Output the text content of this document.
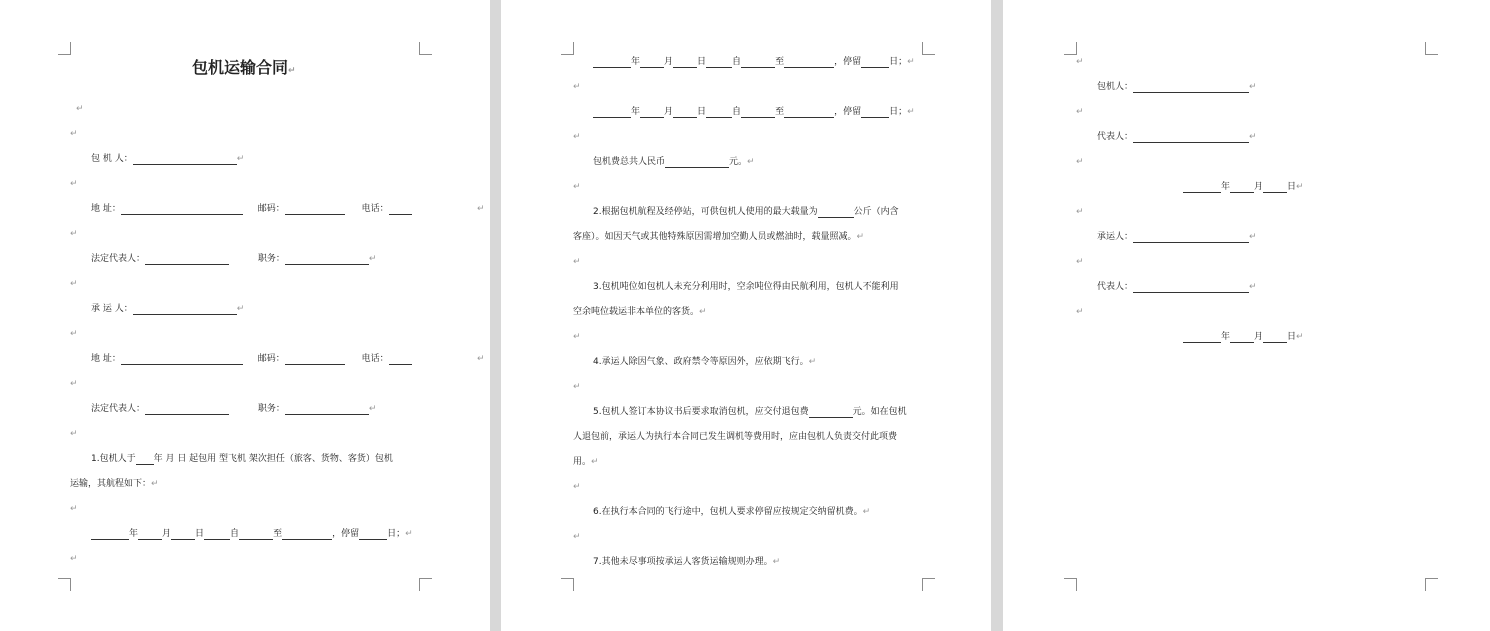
包机运输合同↵
↵
↵
包 机 人：	↵
↵
地 址：	邮码：	电话：	↵
↵
法定代表人：	职务：	↵
↵
承 运 人：	↵
↵
地 址：	邮码：	电话：	↵
↵
法定代表人：	职务：	↵
↵
1.包机人于 年 月 日 起包用 型飞机 架次担任（旅客、货物、客货）包机
运输，其航程如下：↵
↵
年	月	日	自	至	，停留	日；↵
↵
年	月	日	自	至	，停留	日；↵
↵
年	月	日	自	至	，停留	日；↵
↵
包机费总共人民币	元。↵
↵
2.根据包机航程及经停站，可供包机人使用的最大载量为	公斤（内含
客座）。如因天气或其他特殊原因需增加空勤人员或燃油时，载量照减。↵
↵
3.包机吨位如包机人未充分利用时，空余吨位得由民航利用，包机人不能利用
空余吨位载运非本单位的客货。↵
↵
4.承运人除因气象、政府禁令等原因外，应依期飞行。↵
↵
5.包机人签订本协议书后要求取消包机，应交付退包费	元。如在包机
人退包前，承运人为执行本合同已发生调机等费用时，应由包机人负责交付此项费
用。↵
↵
6.在执行本合同的飞行途中，包机人要求停留应按规定交纳留机费。↵
↵
7.其他未尽事项按承运人客货运输规则办理。↵
↵
包机人：	↵
↵
代表人：	↵
↵
年	月	日↵
↵
承运人：	↵
↵
代表人：	↵
↵
年	月	日↵
